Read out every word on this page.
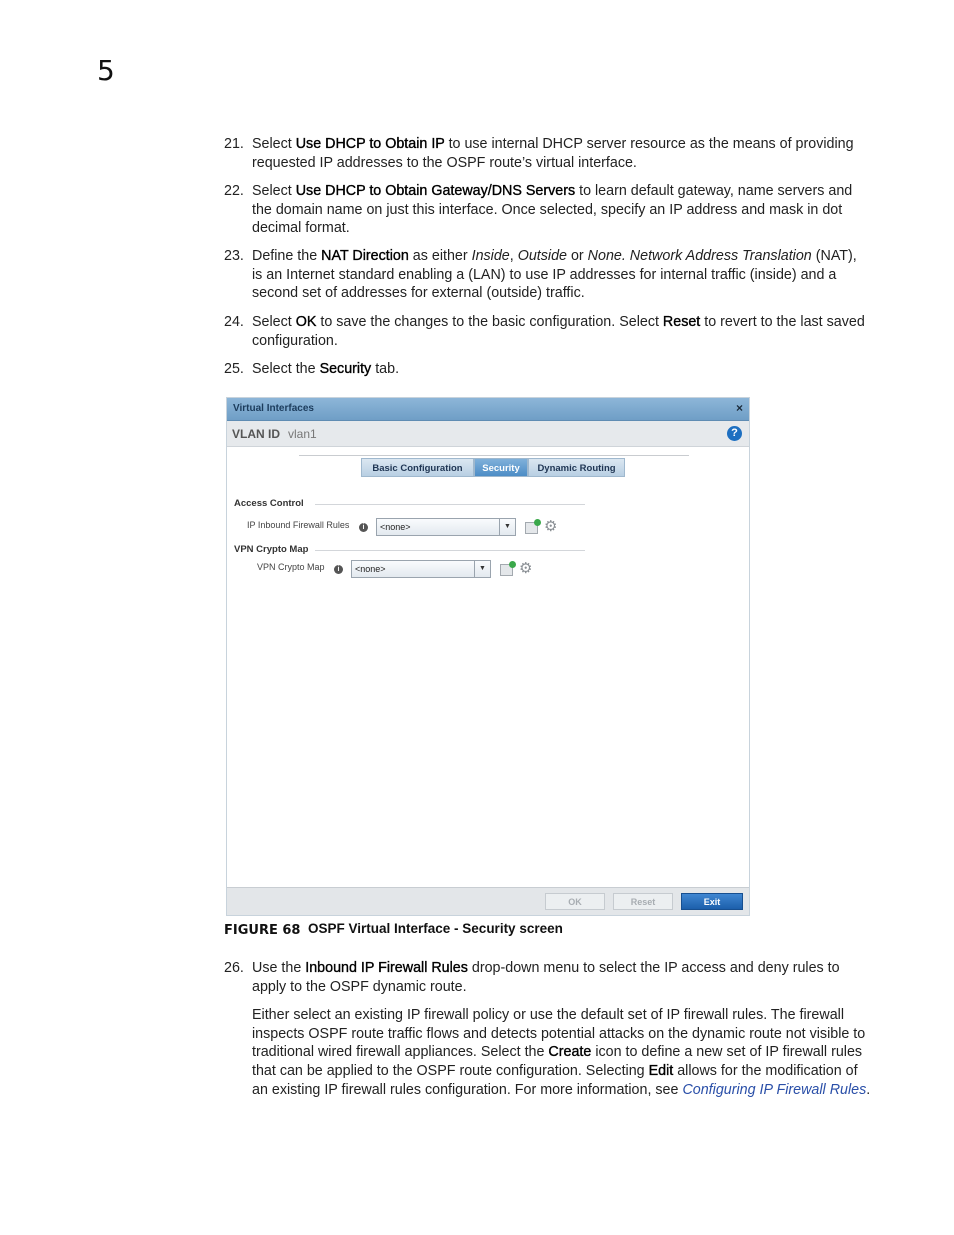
5
21. Select Use DHCP to Obtain IP to use internal DHCP server resource as the means of providing requested IP addresses to the OSPF route’s virtual interface.
22. Select Use DHCP to Obtain Gateway/DNS Servers to learn default gateway, name servers and the domain name on just this interface. Once selected, specify an IP address and mask in dot decimal format.
23. Define the NAT Direction as either Inside, Outside or None. Network Address Translation (NAT), is an Internet standard enabling a (LAN) to use IP addresses for internal traffic (inside) and a second set of addresses for external (outside) traffic.
24. Select OK to save the changes to the basic configuration. Select Reset to revert to the last saved configuration.
25. Select the Security tab.
Virtual Interfaces	×
VLAN ID vlan1	?
Basic Configuration	Security	Dynamic Routing
Access Control
IP Inbound Firewall Rules	i	<none>	▼ ⚙
VPN Crypto Map
VPN Crypto Map	i	<none>	▼ ⚙
OK	Reset	Exit
FIGURE 68 OSPF Virtual Interface - Security screen
26. Use the Inbound IP Firewall Rules drop-down menu to select the IP access and deny rules to apply to the OSPF dynamic route.
Either select an existing IP firewall policy or use the default set of IP firewall rules. The firewall inspects OSPF route traffic flows and detects potential attacks on the dynamic route not visible to traditional wired firewall appliances. Select the Create icon to define a new set of IP firewall rules that can be applied to the OSPF route configuration. Selecting Edit allows for the modification of an existing IP firewall rules configuration. For more information, see Configuring IP Firewall Rules.
